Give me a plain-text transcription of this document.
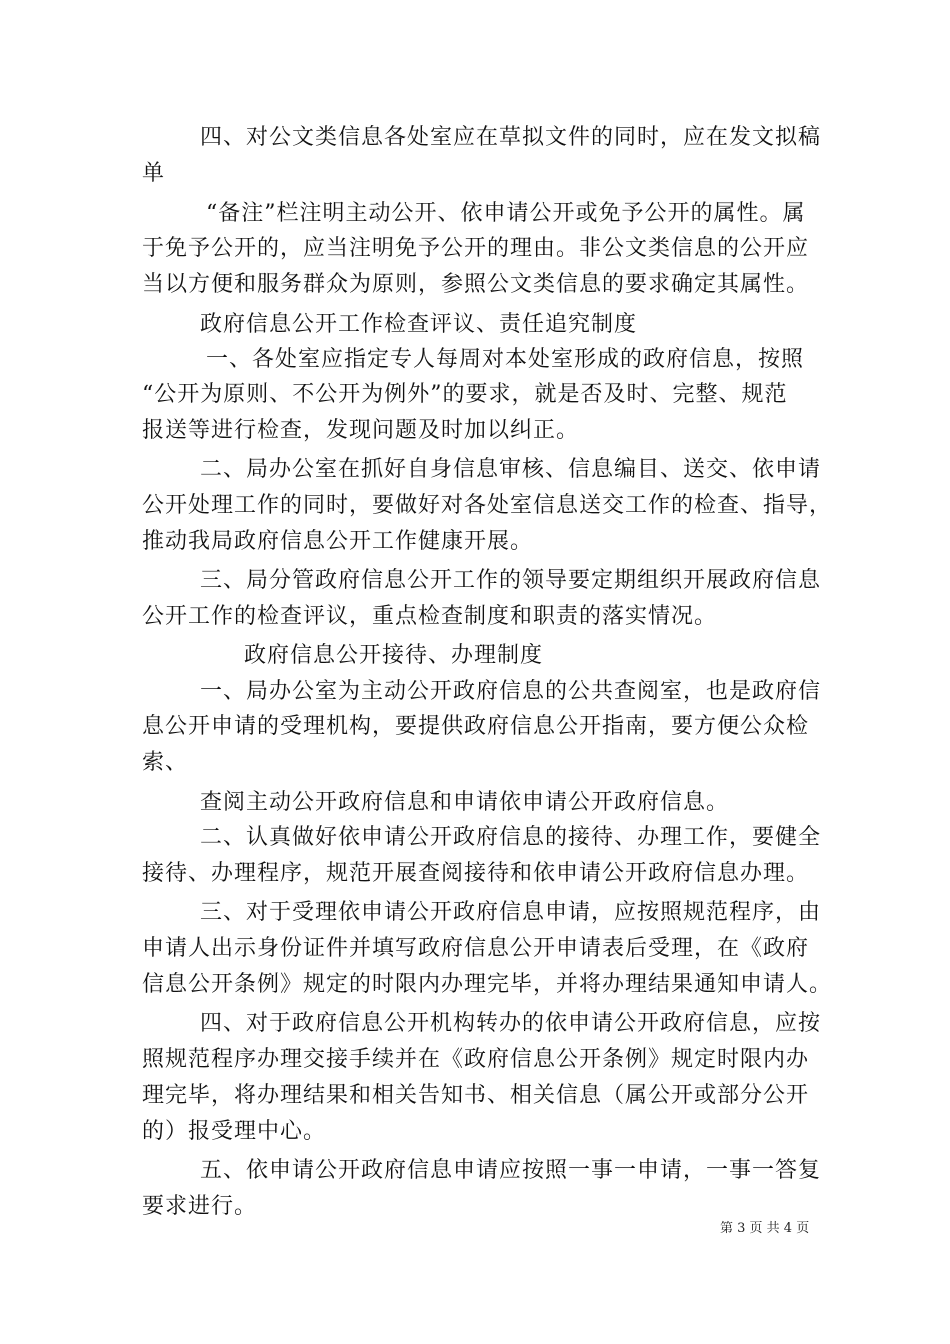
四、对公文类信息各处室应在草拟文件的同时，应在发文拟稿
单
“备注”栏注明主动公开、依申请公开或免予公开的属性。属
于免予公开的，应当注明免予公开的理由。非公文类信息的公开应
当以方便和服务群众为原则，参照公文类信息的要求确定其属性。
政府信息公开工作检查评议、责任追究制度
一、各处室应指定专人每周对本处室形成的政府信息，按照
“公开为原则、不公开为例外”的要求，就是否及时、完整、规范
报送等进行检查，发现问题及时加以纠正。
二、局办公室在抓好自身信息审核、信息编目、送交、依申请
公开处理工作的同时，要做好对各处室信息送交工作的检查、指导，
推动我局政府信息公开工作健康开展。
三、局分管政府信息公开工作的领导要定期组织开展政府信息
公开工作的检查评议，重点检查制度和职责的落实情况。
政府信息公开接待、办理制度
一、局办公室为主动公开政府信息的公共查阅室，也是政府信
息公开申请的受理机构，要提供政府信息公开指南，要方便公众检
索、
查阅主动公开政府信息和申请依申请公开政府信息。
二、认真做好依申请公开政府信息的接待、办理工作，要健全
接待、办理程序，规范开展查阅接待和依申请公开政府信息办理。
三、对于受理依申请公开政府信息申请，应按照规范程序，由
申请人出示身份证件并填写政府信息公开申请表后受理，在《政府
信息公开条例》规定的时限内办理完毕，并将办理结果通知申请人。
四、对于政府信息公开机构转办的依申请公开政府信息，应按
照规范程序办理交接手续并在《政府信息公开条例》规定时限内办
理完毕，将办理结果和相关告知书、相关信息（属公开或部分公开
的）报受理中心。
五、依申请公开政府信息申请应按照一事一申请，一事一答复
要求进行。
第 3 页 共 4 页
